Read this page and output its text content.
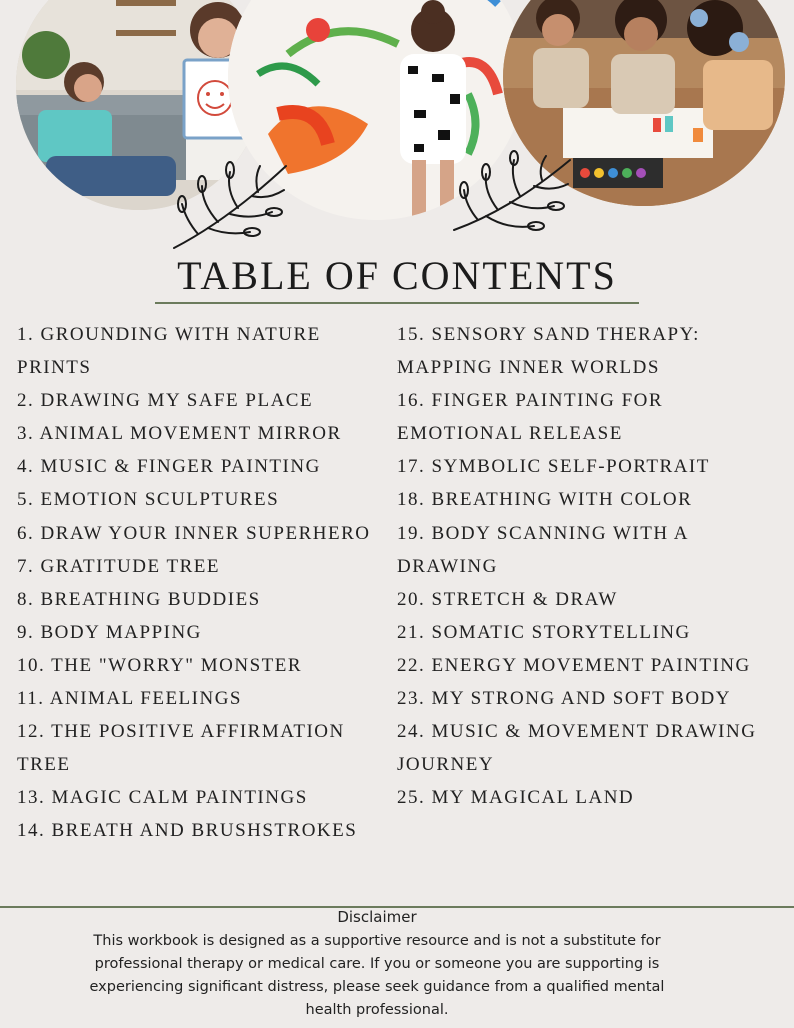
TABLE OF CONTENTS
1. GROUNDING WITH NATURE PRINTS
2. DRAWING MY SAFE PLACE
3. ANIMAL MOVEMENT MIRROR
4. MUSIC & FINGER PAINTING
5. EMOTION SCULPTURES
6. DRAW YOUR INNER SUPERHERO
7. GRATITUDE TREE
8. BREATHING BUDDIES
9. BODY MAPPING
10. THE "WORRY" MONSTER
11. ANIMAL FEELINGS
12. THE POSITIVE AFFIRMATION TREE
13. MAGIC CALM PAINTINGS
14. BREATH AND BRUSHSTROKES
15. SENSORY SAND THERAPY: MAPPING INNER WORLDS
16. FINGER PAINTING FOR EMOTIONAL RELEASE
17. SYMBOLIC SELF-PORTRAIT
18. BREATHING WITH COLOR
19. BODY SCANNING WITH A DRAWING
20. STRETCH & DRAW
21. SOMATIC STORYTELLING
22. ENERGY MOVEMENT PAINTING
23. MY STRONG AND SOFT BODY
24. MUSIC & MOVEMENT DRAWING JOURNEY
25. MY MAGICAL LAND
Disclaimer

This workbook is designed as a supportive resource and is not a substitute for professional therapy or medical care. If you or someone you are supporting is experiencing significant distress, please seek guidance from a qualified mental health professional.
